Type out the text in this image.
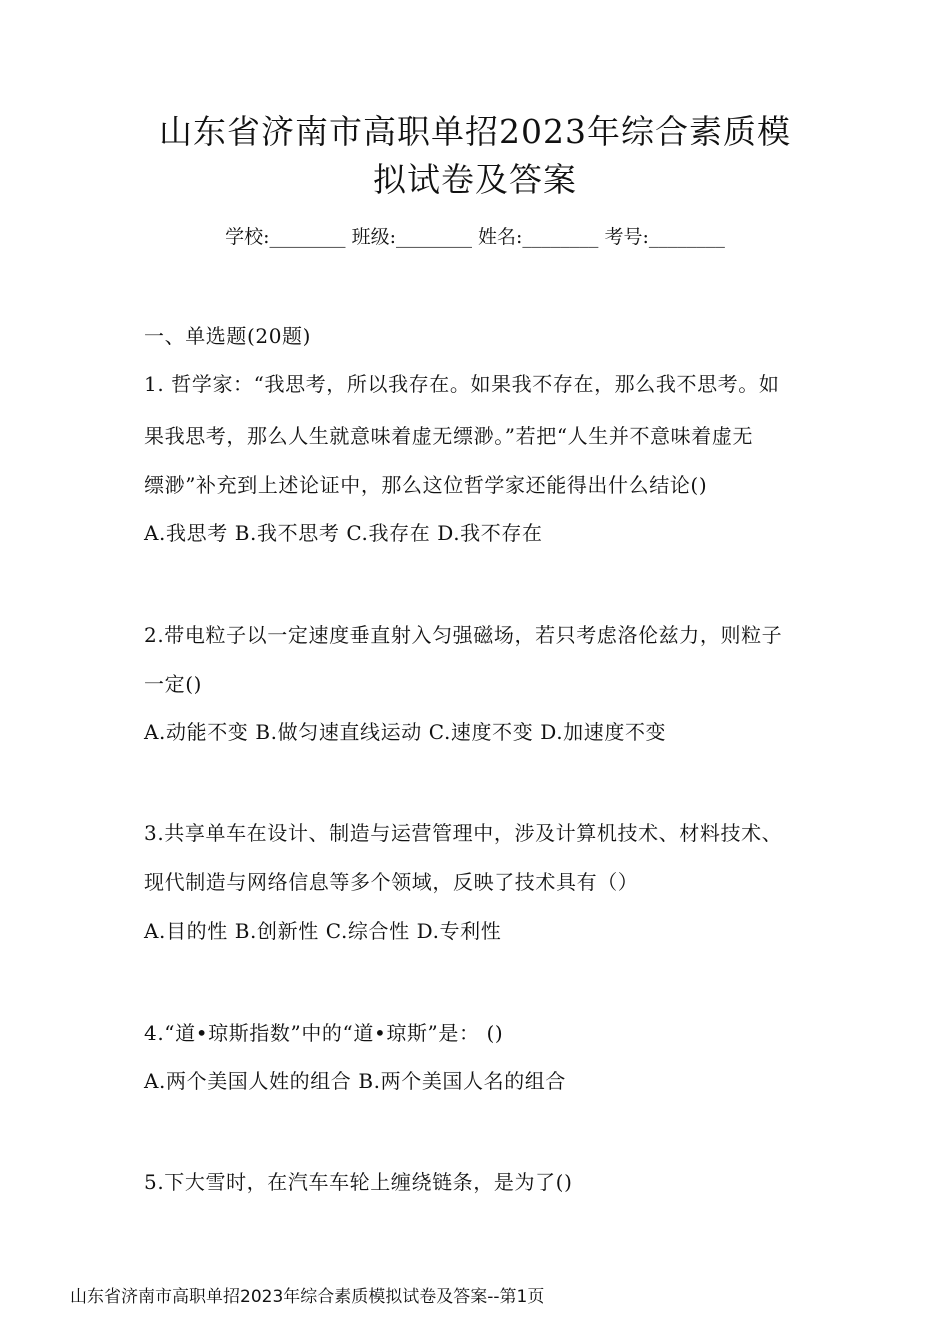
山东省济南市高职单招2023年综合素质模
拟试卷及答案
学校:________ 班级:________ 姓名:________ 考号:________
一、单选题(20题)
1. 哲学家：“我思考，所以我存在。如果我不存在，那么我不思考。如
果我思考，那么人生就意味着虚无缥渺。”若把“人生并不意味着虚无
缥渺”补充到上述论证中，那么这位哲学家还能得出什么结论()
A.我思考 B.我不思考 C.我存在 D.我不存在
2.带电粒子以一定速度垂直射入匀强磁场，若只考虑洛伦兹力，则粒子
一定()
A.动能不变 B.做匀速直线运动 C.速度不变 D.加速度不变
3.共享单车在设计、制造与运营管理中，涉及计算机技术、材料技术、
现代制造与网络信息等多个领域，反映了技术具有（）
A.目的性 B.创新性 C.综合性 D.专利性
4.“道•琼斯指数”中的“道•琼斯”是： ()
A.两个美国人姓的组合 B.两个美国人名的组合
5.下大雪时，在汽车车轮上缠绕链条，是为了()
山东省济南市高职单招2023年综合素质模拟试卷及答案--第1页
